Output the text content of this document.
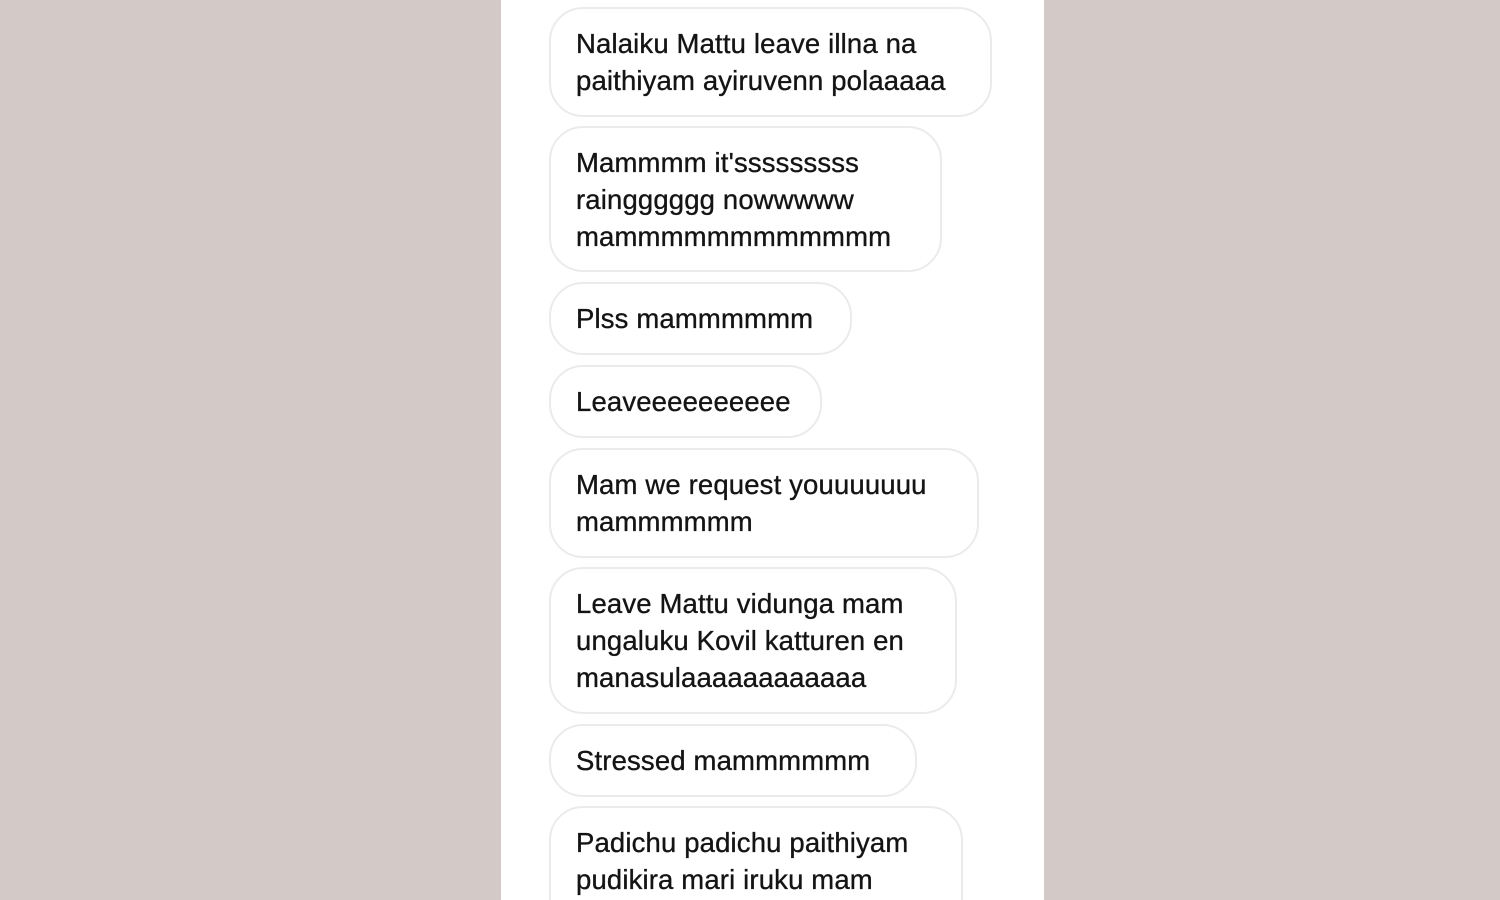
Nalaiku Mattu leave illna na
paithiyam ayiruvenn polaaaaa
Mammmm it'sssssssss
raingggggg nowwwww
mammmmmmmmmmmm
Plss mammmmmm
Leaveeeeeeeeee
Mam we request youuuuuuu
mammmmmm
Leave Mattu vidunga mam
ungaluku Kovil katturen en
manasulaaaaaaaaaaaa
Stressed mammmmmm
Padichu padichu paithiyam
pudikira mari iruku mam
